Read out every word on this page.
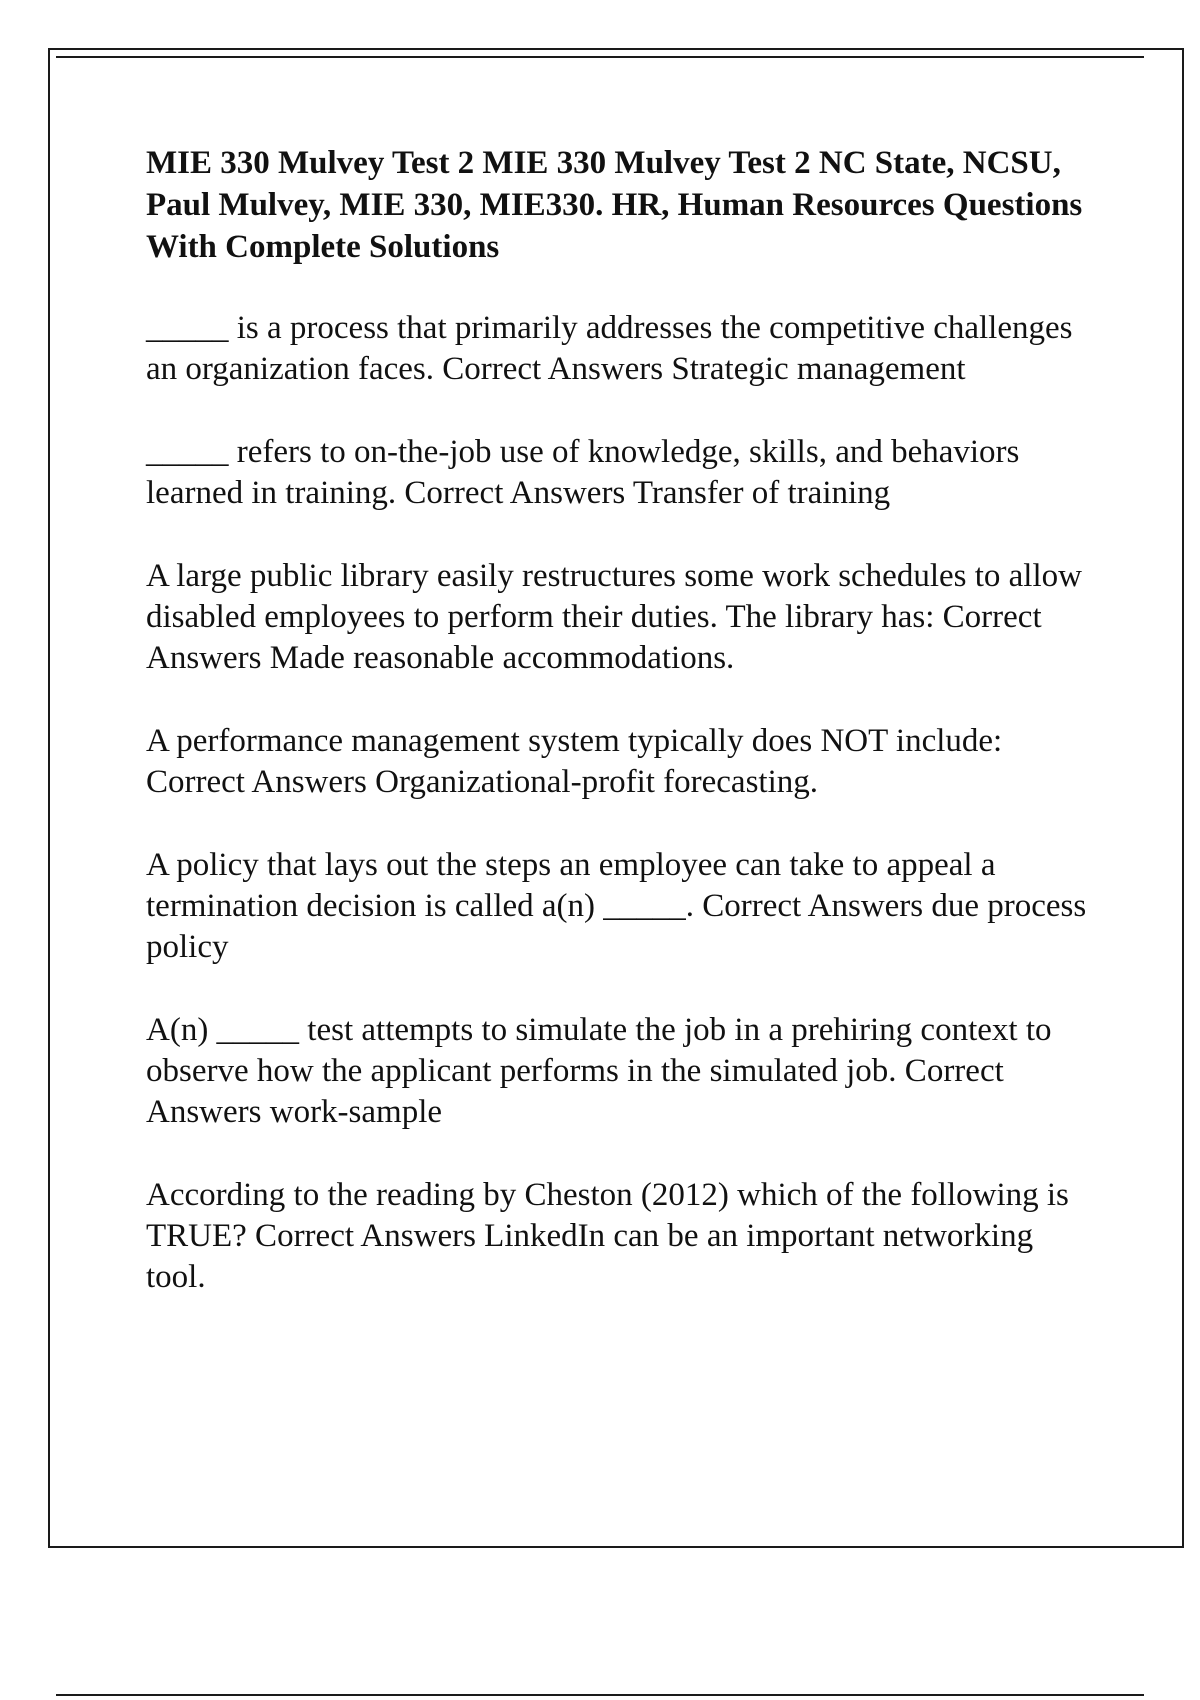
MIE 330 Mulvey Test 2 MIE 330 Mulvey Test 2 NC State, NCSU, Paul Mulvey, MIE 330, MIE330. HR, Human Resources Questions With Complete Solutions
_____ is a process that primarily addresses the competitive challenges an organization faces. Correct Answers Strategic management
_____ refers to on-the-job use of knowledge, skills, and behaviors learned in training. Correct Answers Transfer of training
A large public library easily restructures some work schedules to allow disabled employees to perform their duties. The library has: Correct Answers Made reasonable accommodations.
A performance management system typically does NOT include: Correct Answers Organizational-profit forecasting.
A policy that lays out the steps an employee can take to appeal a termination decision is called a(n) _____. Correct Answers due process policy
A(n) _____ test attempts to simulate the job in a prehiring context to observe how the applicant performs in the simulated job. Correct Answers work-sample
According to the reading by Cheston (2012) which of the following is TRUE? Correct Answers LinkedIn can be an important networking tool.
